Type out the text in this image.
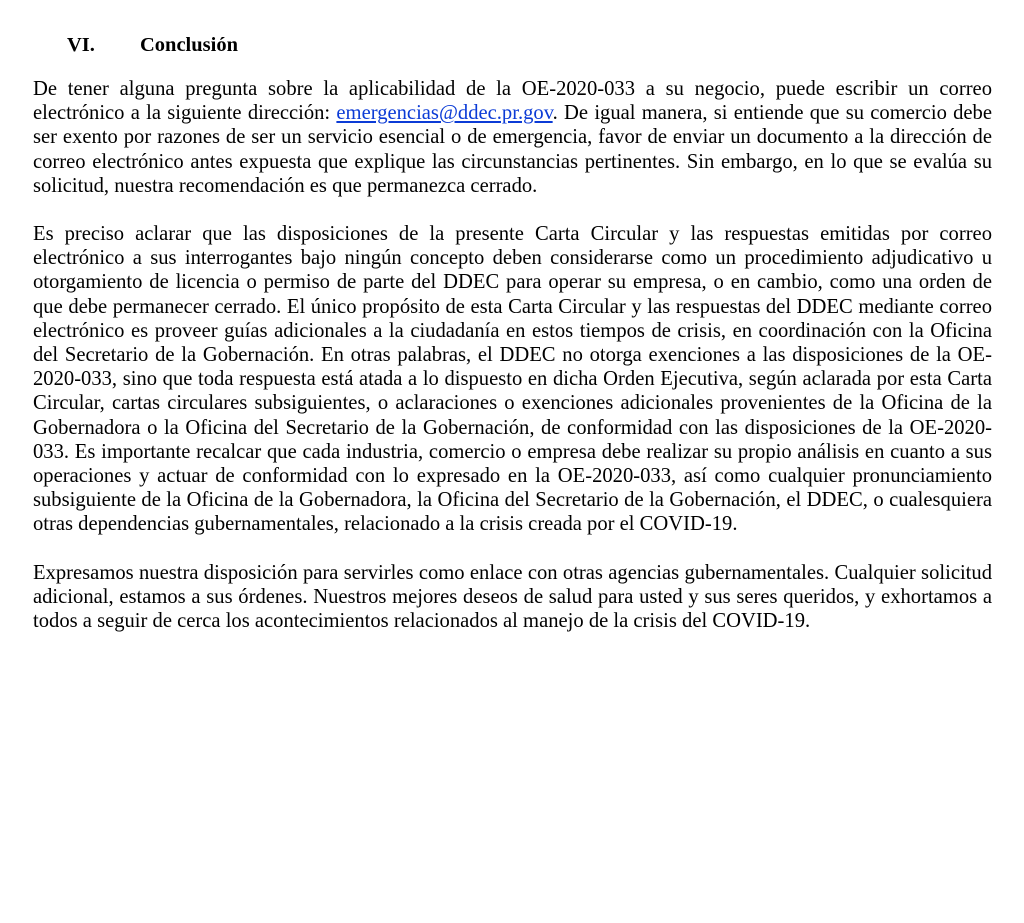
VI. Conclusión

De tener alguna pregunta sobre la aplicabilidad de la OE-2020-033 a su negocio, puede escribir un correo electrónico a la siguiente dirección: emergencias@ddec.pr.gov. De igual manera, si entiende que su comercio debe ser exento por razones de ser un servicio esencial o de emergencia, favor de enviar un documento a la dirección de correo electrónico antes expuesta que explique las circunstancias pertinentes. Sin embargo, en lo que se evalúa su solicitud, nuestra recomendación es que permanezca cerrado.

Es preciso aclarar que las disposiciones de la presente Carta Circular y las respuestas emitidas por correo electrónico a sus interrogantes bajo ningún concepto deben considerarse como un procedimiento adjudicativo u otorgamiento de licencia o permiso de parte del DDEC para operar su empresa, o en cambio, como una orden de que debe permanecer cerrado. El único propósito de esta Carta Circular y las respuestas del DDEC mediante correo electrónico es proveer guías adicionales a la ciudadanía en estos tiempos de crisis, en coordinación con la Oficina del Secretario de la Gobernación. En otras palabras, el DDEC no otorga exenciones a las disposiciones de la OE-2020-033, sino que toda respuesta está atada a lo dispuesto en dicha Orden Ejecutiva, según aclarada por esta Carta Circular, cartas circulares subsiguientes, o aclaraciones o exenciones adicionales provenientes de la Oficina de la Gobernadora o la Oficina del Secretario de la Gobernación, de conformidad con las disposiciones de la OE-2020-033. Es importante recalcar que cada industria, comercio o empresa debe realizar su propio análisis en cuanto a sus operaciones y actuar de conformidad con lo expresado en la OE-2020-033, así como cualquier pronunciamiento subsiguiente de la Oficina de la Gobernadora, la Oficina del Secretario de la Gobernación, el DDEC, o cualesquiera otras dependencias gubernamentales, relacionado a la crisis creada por el COVID-19.

Expresamos nuestra disposición para servirles como enlace con otras agencias gubernamentales. Cualquier solicitud adicional, estamos a sus órdenes. Nuestros mejores deseos de salud para usted y sus seres queridos, y exhortamos a todos a seguir de cerca los acontecimientos relacionados al manejo de la crisis del COVID-19.
